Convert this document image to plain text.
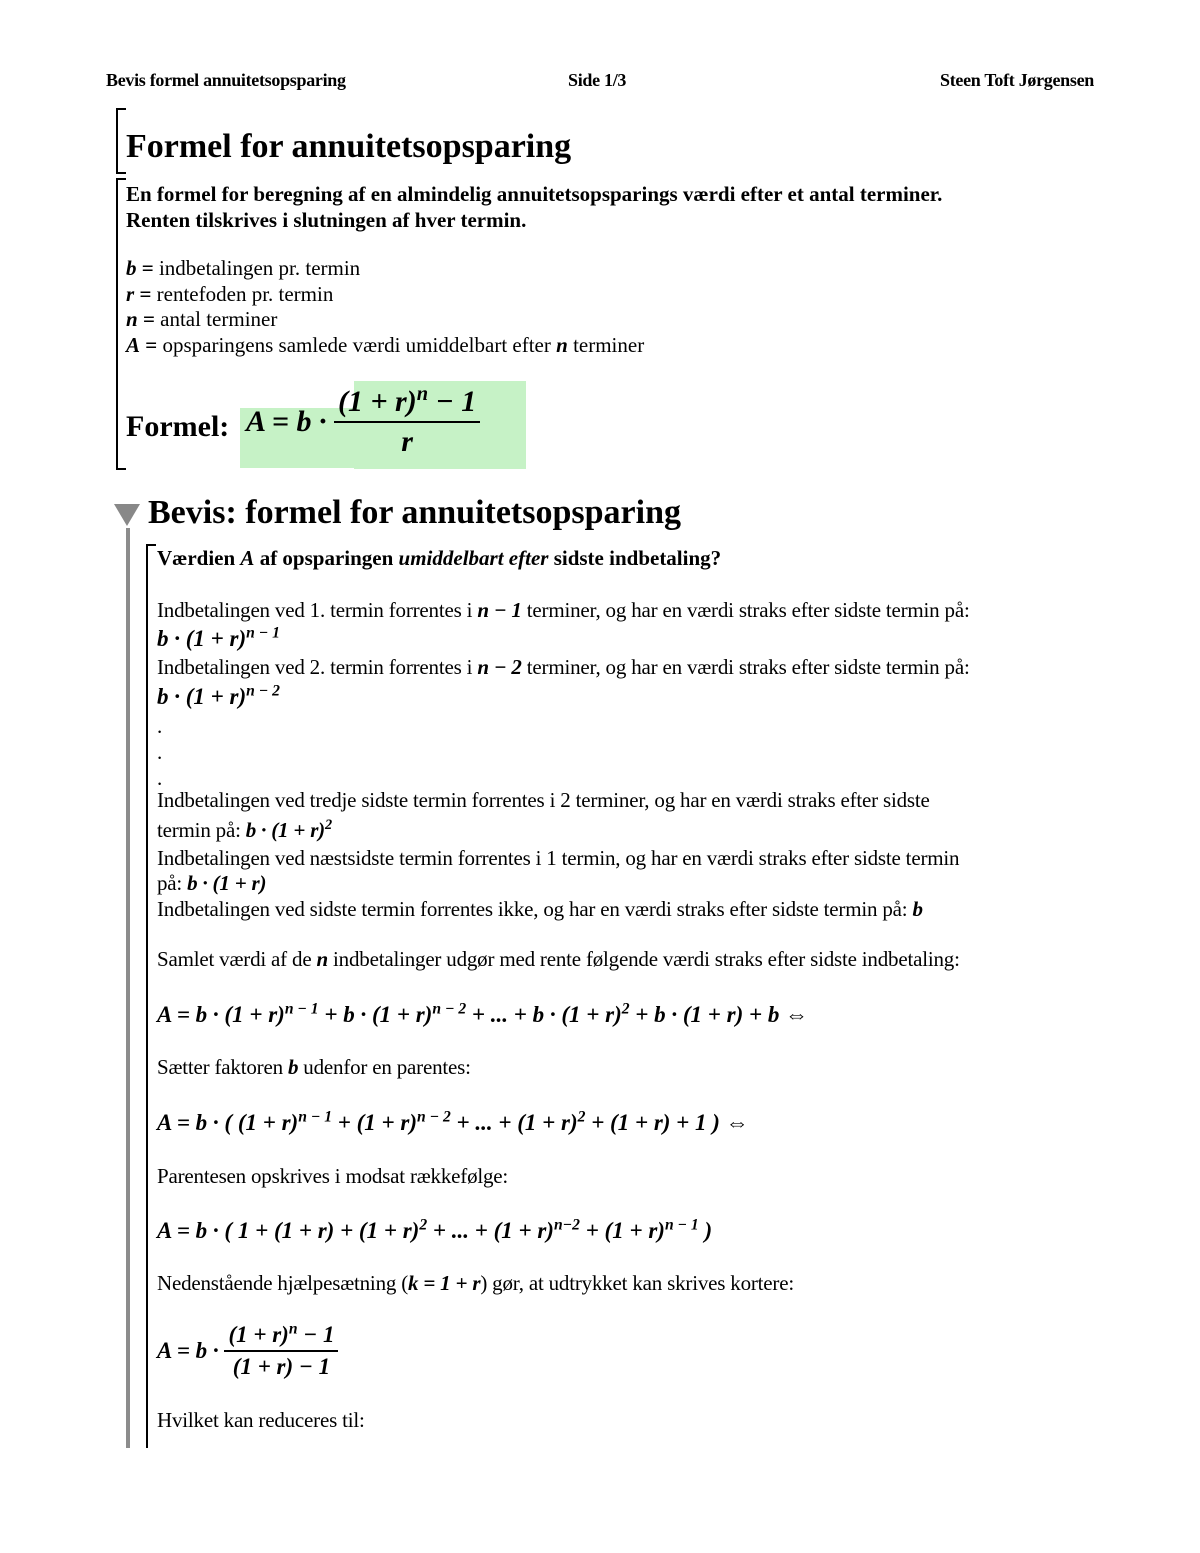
Bevis formel annuitetsopsparing	Side 1/3	Steen Toft Jørgensen
Formel for annuitetsopsparing
En formel for beregning af en almindelig annuitetsopsparings værdi efter et antal terminer.
Renten tilskrives i slutningen af hver termin.
b = indbetalingen pr. termin
r = rentefoden pr. termin
n = antal terminer
A = opsparingens samlede værdi umiddelbart efter n terminer
Formel: $A = b \cdot \frac{(1 + r)^n - 1}{r}$
Bevis: formel for annuitetsopsparing
Værdien A af opsparingen umiddelbart efter sidste indbetaling?
Indbetalingen ved 1. termin forrentes i n − 1 terminer, og har en værdi straks efter sidste termin på:
$b \cdot (1 + r)^{n - 1}$
Indbetalingen ved 2. termin forrentes i n − 2 terminer, og har en værdi straks efter sidste termin på:
$b \cdot (1 + r)^{n - 2}$
.
.
.
Indbetalingen ved tredje sidste termin forrentes i 2 terminer, og har en værdi straks efter sidste
termin på: $b \cdot (1 + r)^2$
Indbetalingen ved næstsidste termin forrentes i 1 termin, og har en værdi straks efter sidste termin
på: b · (1 + r)
Indbetalingen ved sidste termin forrentes ikke, og har en værdi straks efter sidste termin på: b
Samlet værdi af de n indbetalinger udgør med rente følgende værdi straks efter sidste indbetaling:
$A = b \cdot (1 + r)^{n - 1} + b \cdot (1 + r)^{n - 2}$ + ... + $b \cdot (1 + r)^2 + b \cdot (1 + r) + b$ ⇔
Sætter faktoren b udenfor en parentes:
A = b · ( $(1 + r)^{n - 1} + (1 + r)^{n - 2}$ + ... + $(1 + r)^2 + (1 + r) + 1$ ) ⇔
Parentesen opskrives i modsat rækkefølge:
A = b · ( $1 + (1 + r) + (1 + r)^2$ + ... + $(1 + r)^{n-2} + (1 + r)^{n - 1}$ )
Nedenstående hjælpesætning (k = 1 + r) gør, at udtrykket kan skrives kortere:
$A = b \cdot \frac{(1 + r)^n - 1}{(1 + r) - 1}$
Hvilket kan reduceres til:
